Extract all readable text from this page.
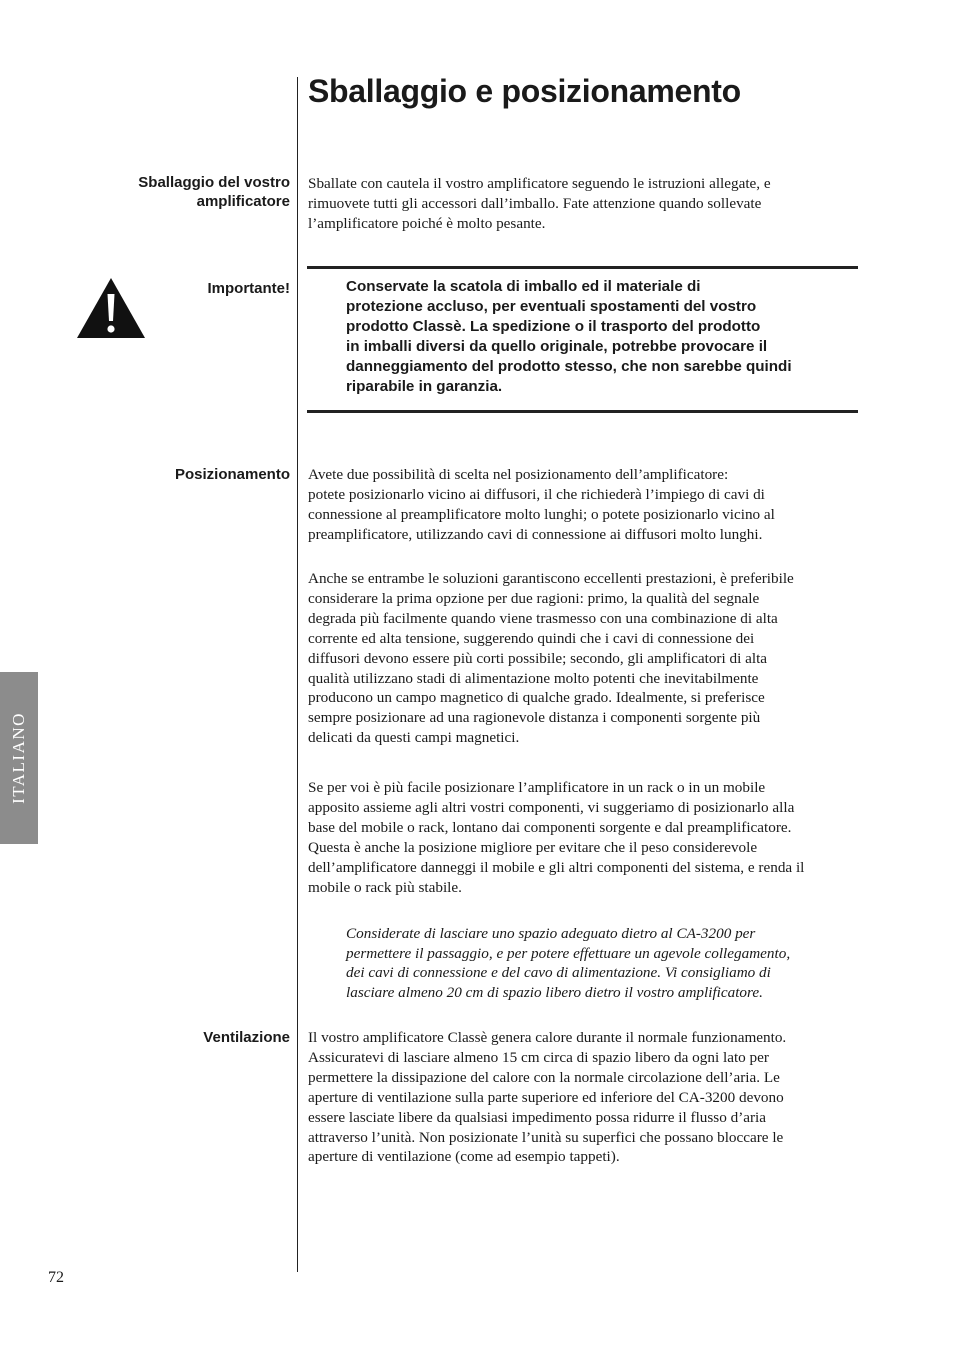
Sballaggio e posizionamento
Sballaggio del vostro
amplificatore

Sballate con cautela il vostro amplificatore seguendo le istruzioni allegate, e
rimuovete tutti gli accessori dall’imballo. Fate attenzione quando sollevate
l’amplificatore poiché è molto pesante.

Importante!	Conservate la scatola di imballo ed il materiale di
protezione accluso, per eventuali spostamenti del vostro
prodotto Classè. La spedizione o il trasporto del prodotto
in imballi diversi da quello originale, potrebbe provocare il
danneggiamento del prodotto stesso, che non sarebbe quindi
riparabile in garanzia.
Posizionamento Avete due possibilità di scelta nel posizionamento dell’amplificatore:
potete posizionarlo vicino ai diffusori, il che richiederà l’impiego di cavi di
connessione al preamplificatore molto lunghi; o potete posizionarlo vicino al
preamplificatore, utilizzando cavi di connessione ai diffusori molto lunghi.
Anche se entrambe le soluzioni garantiscono eccellenti prestazioni, è preferibile
considerare la prima opzione per due ragioni: primo, la qualità del segnale
degrada più facilmente quando viene trasmesso con una combinazione di alta
corrente ed alta tensione, suggerendo quindi che i cavi di connessione dei
diffusori devono essere più corti possibile; secondo, gli amplificatori di alta
qualità utilizzano stadi di alimentazione molto potenti che inevitabilmente
producono un campo magnetico di qualche grado. Idealmente, si preferisce
sempre posizionare ad una ragionevole distanza i componenti sorgente più
delicati da questi campi magnetici.
Se per voi è più facile posizionare l’amplificatore in un rack o in un mobile
apposito assieme agli altri vostri componenti, vi suggeriamo di posizionarlo alla
base del mobile o rack, lontano dai componenti sorgente e dal preamplificatore.
Questa è anche la posizione migliore per evitare che il peso considerevole
dell’amplificatore danneggi il mobile e gli altri componenti del sistema, e renda il
mobile o rack più stabile.
Considerate di lasciare uno spazio adeguato dietro al CA-3200 per
permettere il passaggio, e per potere effettuare un agevole collegamento,
dei cavi di connessione e del cavo di alimentazione. Vi consigliamo di
lasciare almeno 20 cm di spazio libero dietro il vostro amplificatore.
Ventilazione Il vostro amplificatore Classè genera calore durante il normale funzionamento.
Assicuratevi di lasciare almeno 15 cm circa di spazio libero da ogni lato per
permettere la dissipazione del calore con la normale circolazione dell’aria. Le
aperture di ventilazione sulla parte superiore ed inferiore del CA-3200 devono
essere lasciate libere da qualsiasi impedimento possa ridurre il flusso d’aria
attraverso l’unità. Non posizionate l’unità su superfici che possano bloccare le
aperture di ventilazione (come ad esempio tappeti).
ITALIANO
72
